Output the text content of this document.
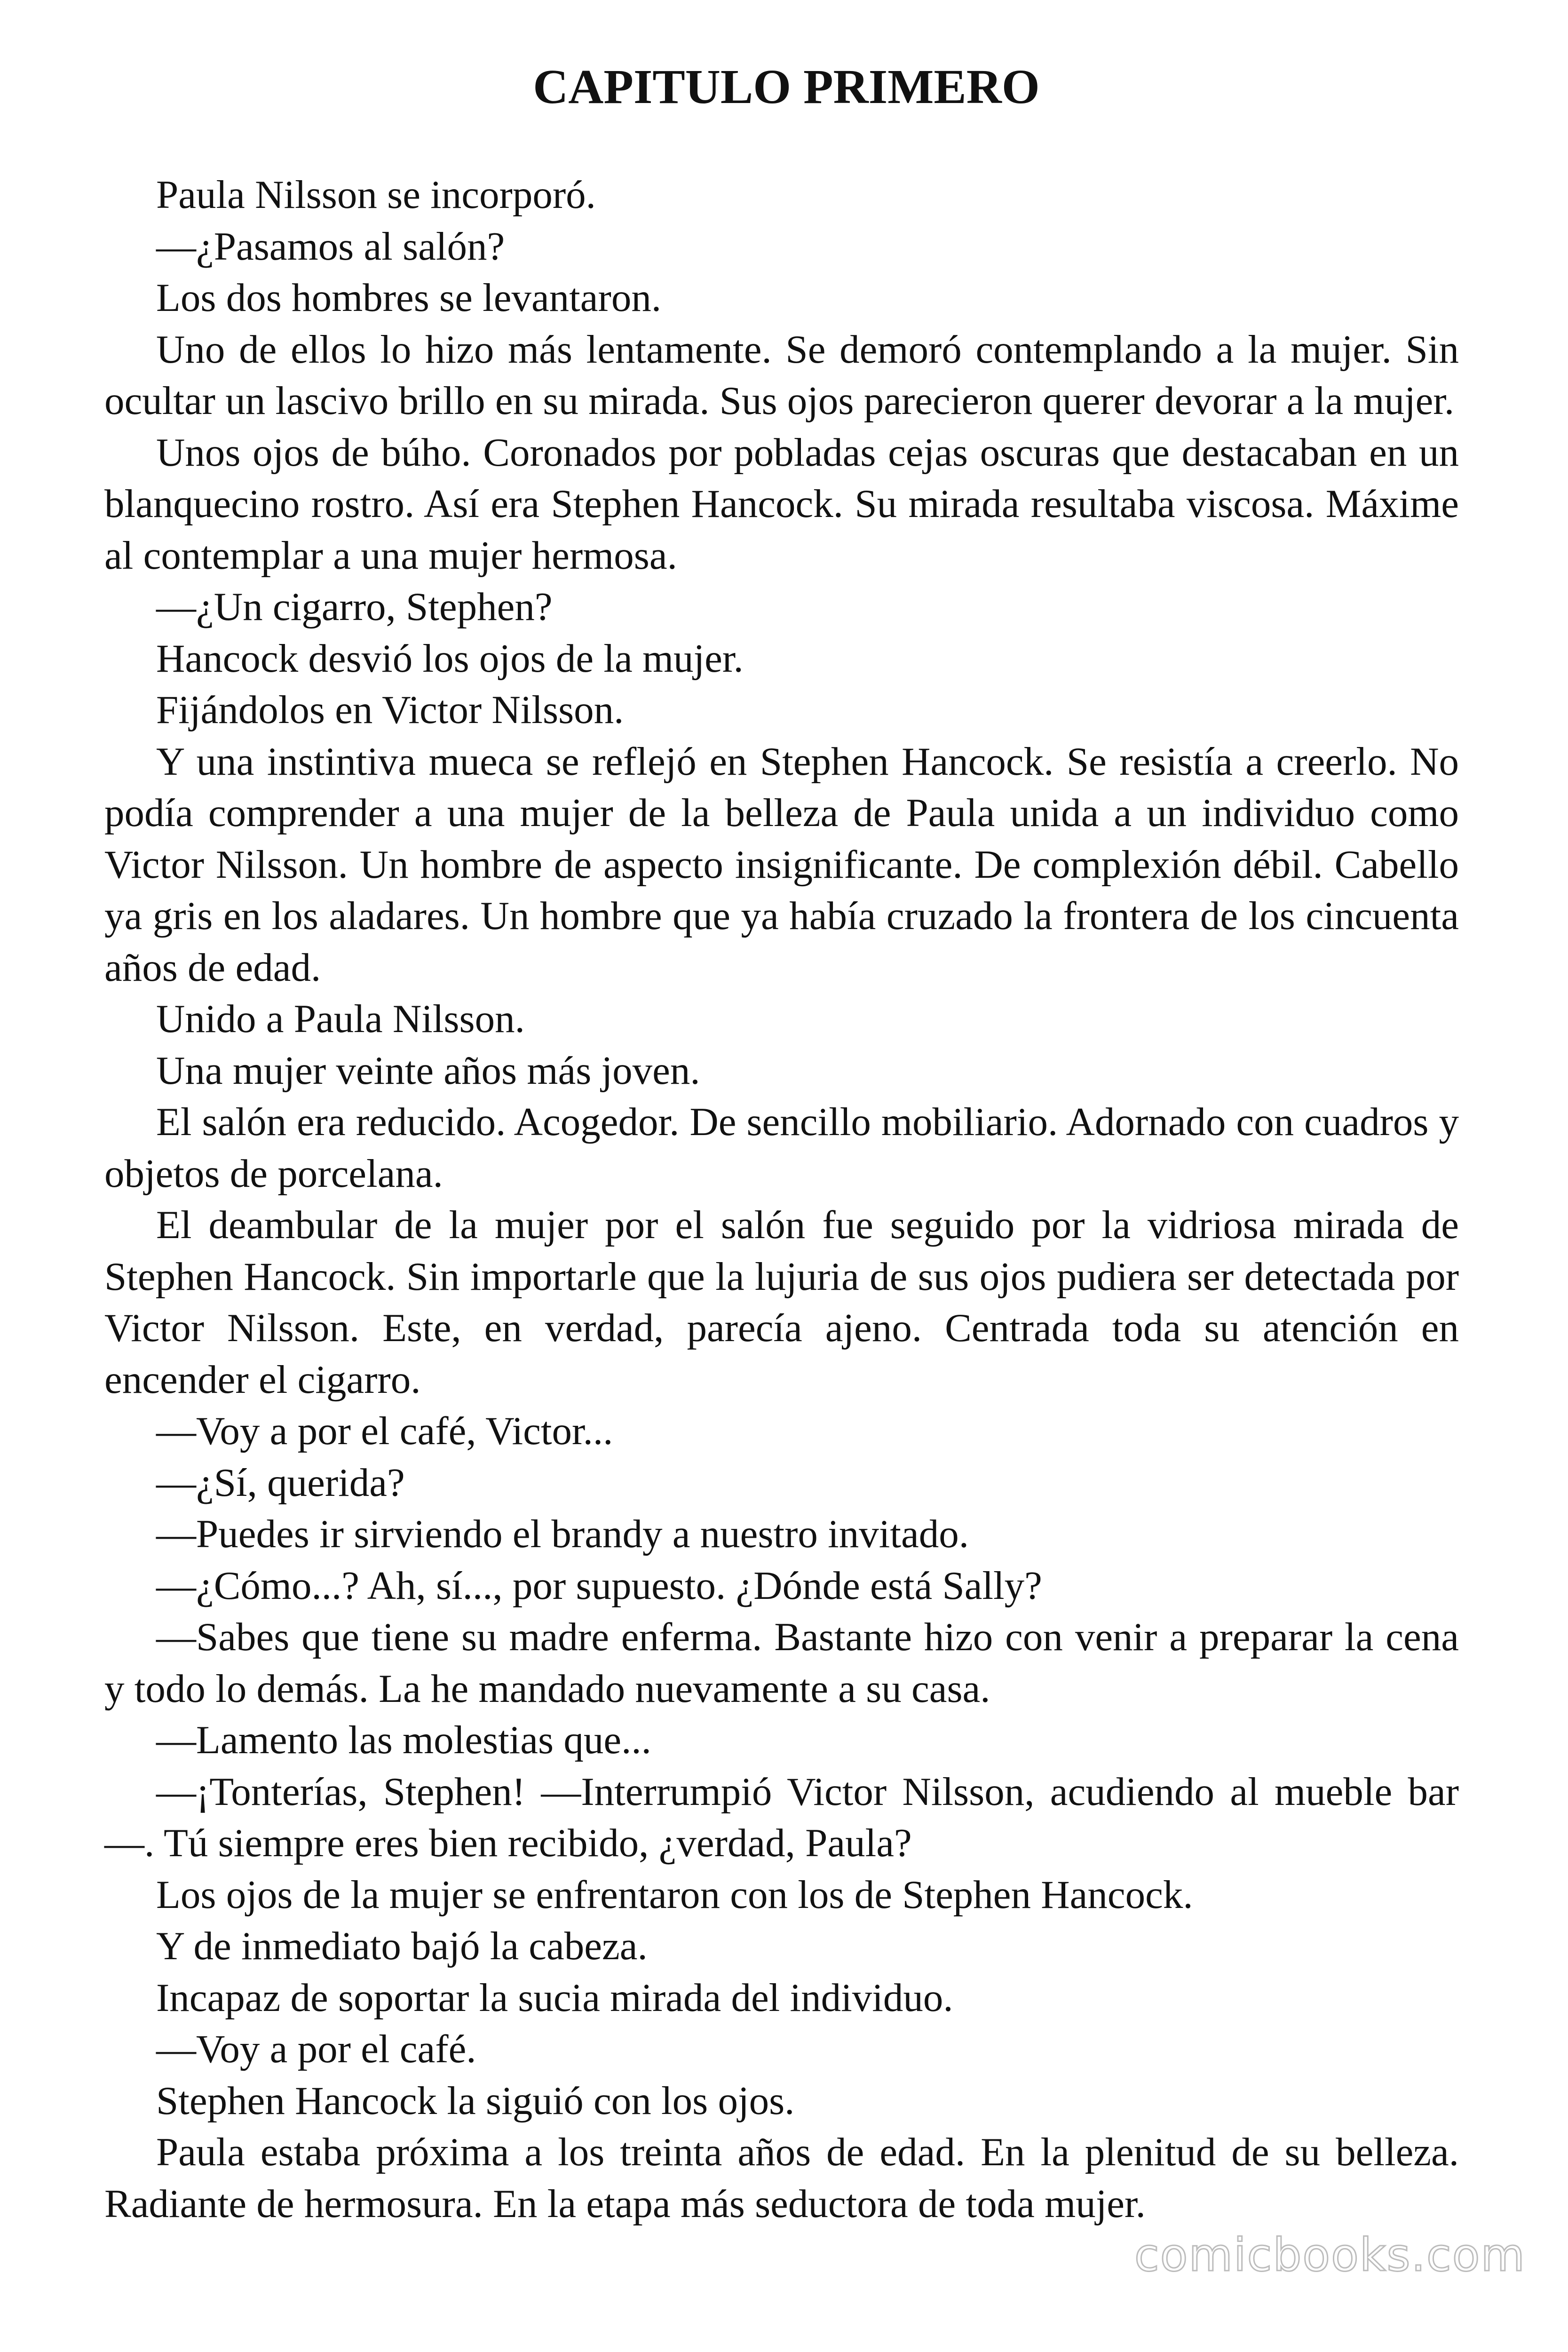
CAPITULO PRIMERO

Paula Nilsson se incorporó.

—¿Pasamos al salón?

Los dos hombres se levantaron.

Uno de ellos lo hizo más lentamente. Se demoró contemplando a la mujer. Sin ocultar un lascivo brillo en su mirada. Sus ojos parecieron querer devorar a la mujer.

Unos ojos de búho. Coronados por pobladas cejas oscuras que destacaban en un blanquecino rostro. Así era Stephen Hancock. Su mirada resultaba viscosa. Máxime al contemplar a una mujer hermosa.

—¿Un cigarro, Stephen?

Hancock desvió los ojos de la mujer.

Fijándolos en Victor Nilsson.

Y una instintiva mueca se reflejó en Stephen Hancock. Se resistía a creerlo. No podía comprender a una mujer de la belleza de Paula unida a un individuo como Victor Nilsson. Un hombre de aspecto insignificante. De complexión débil. Cabello ya gris en los aladares. Un hombre que ya había cruzado la frontera de los cincuenta años de edad.

Unido a Paula Nilsson.

Una mujer veinte años más joven.

El salón era reducido. Acogedor. De sencillo mobiliario. Adornado con cuadros y objetos de porcelana.

El deambular de la mujer por el salón fue seguido por la vidriosa mirada de Stephen Hancock. Sin importarle que la lujuria de sus ojos pudiera ser detectada por Victor Nilsson. Este, en verdad, parecía ajeno. Centrada toda su atención en encender el cigarro.

—Voy a por el café, Victor...

—¿Sí, querida?

—Puedes ir sirviendo el brandy a nuestro invitado.

—¿Cómo...? Ah, sí..., por supuesto. ¿Dónde está Sally?

—Sabes que tiene su madre enferma. Bastante hizo con venir a preparar la cena y todo lo demás. La he mandado nuevamente a su casa.

—Lamento las molestias que...

—¡Tonterías, Stephen! —Interrumpió Victor Nilsson, acudiendo al mueble bar—. Tú siempre eres bien recibido, ¿verdad, Paula?

Los ojos de la mujer se enfrentaron con los de Stephen Hancock.

Y de inmediato bajó la cabeza.

Incapaz de soportar la sucia mirada del individuo.

—Voy a por el café.

Stephen Hancock la siguió con los ojos.

Paula estaba próxima a los treinta años de edad. En la plenitud de su belleza. Radiante de hermosura. En la etapa más seductora de toda mujer.

comicbooks.com
